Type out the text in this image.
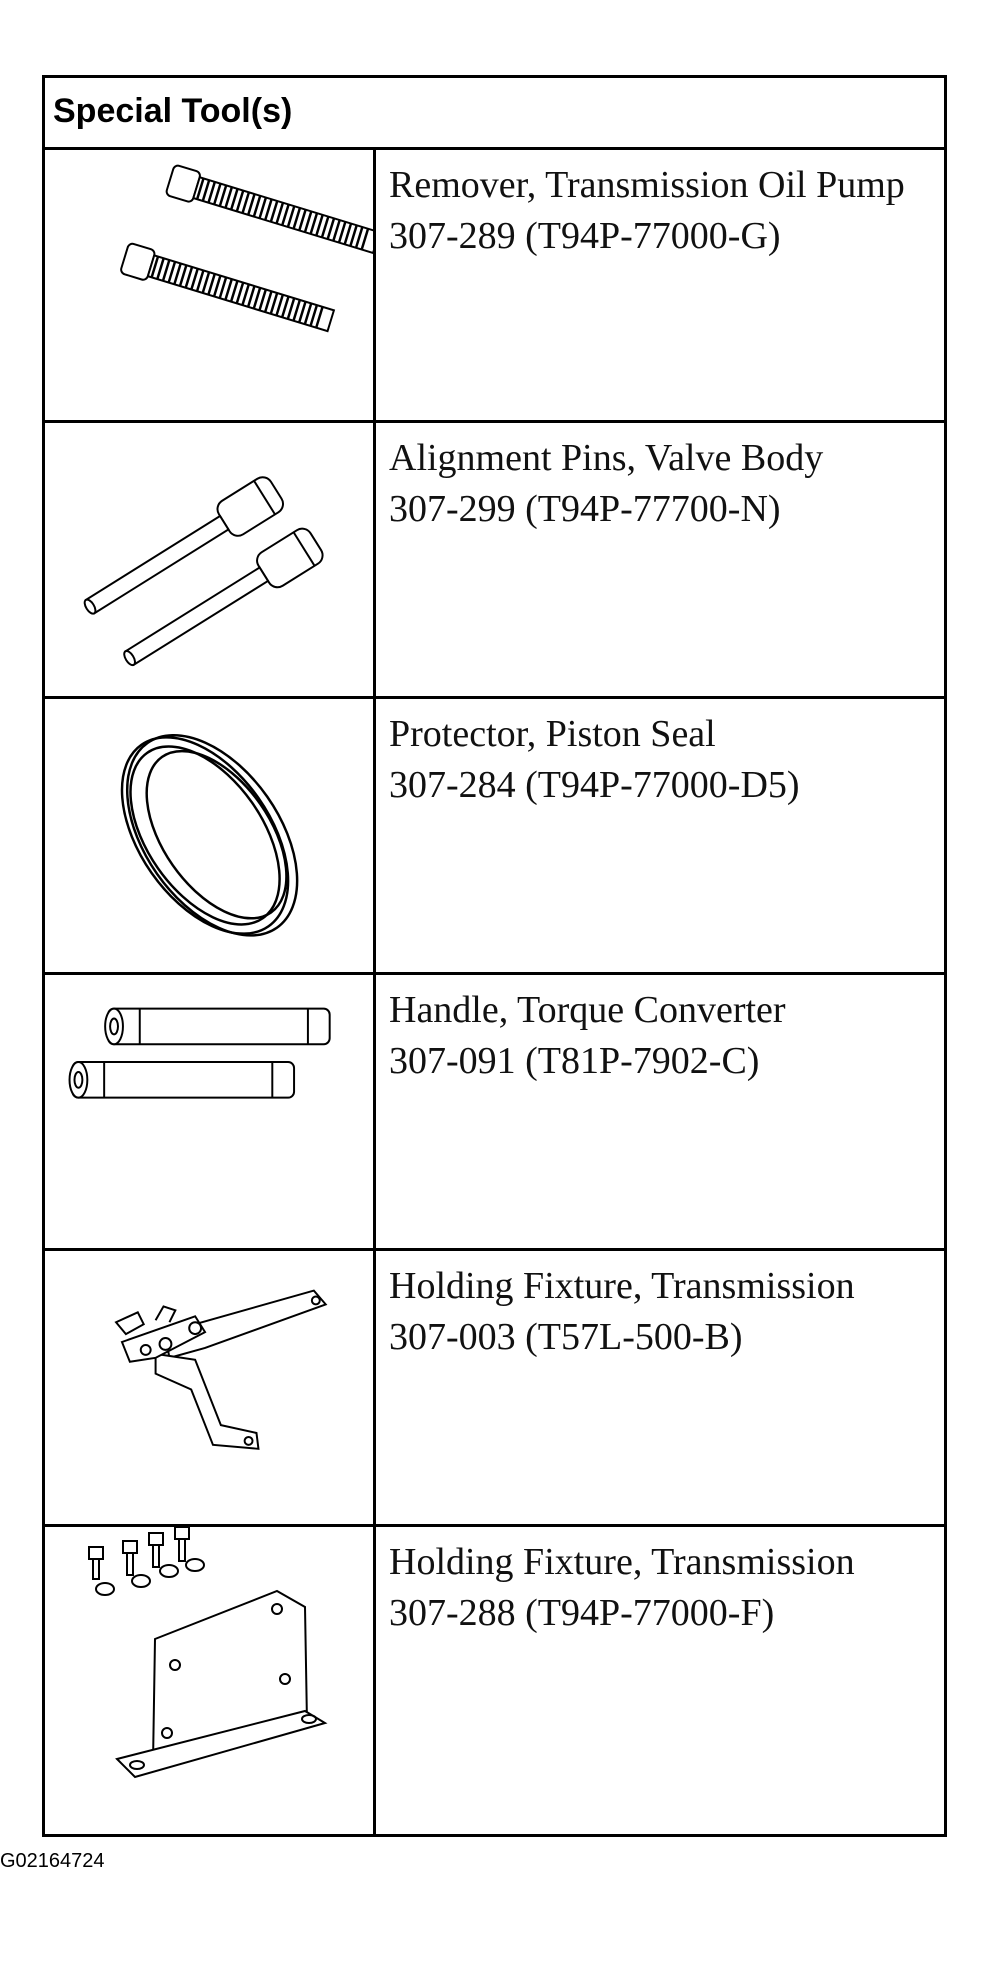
Special Tool(s)
Remover, Transmission Oil Pump
307-289 (T94P-77000-G)
Alignment Pins, Valve Body
307-299 (T94P-77700-N)
Protector, Piston Seal
307-284 (T94P-77000-D5)
Handle, Torque Converter
307-091 (T81P-7902-C)
Holding Fixture, Transmission
307-003 (T57L-500-B)
Holding Fixture, Transmission
307-288 (T94P-77000-F)
G02164724
